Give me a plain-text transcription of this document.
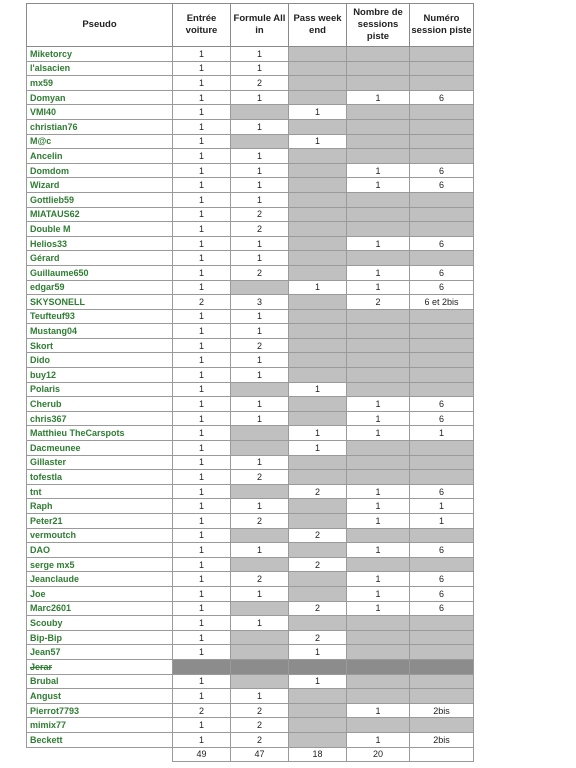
Pseudo	Entrée voiture	Formule All in	Pass week end	Nombre de sessions piste	Numéro session piste
Miketorcy	1	1			
l'alsacien	1	1			
mx59	1	2			
Domyan	1	1		1	6
VMI40	1		1		
christian76	1	1			
M@c	1		1		
Ancelin	1	1			
Domdom	1	1		1	6
Wizard	1	1		1	6
Gottlieb59	1	1			
MIATAUS62	1	2			
Double M	1	2			
Helios33	1	1		1	6
Gérard	1	1			
Guillaume650	1	2		1	6
edgar59	1		1	1	6
SKYSONELL	2	3		2	6 et 2bis
Teufteuf93	1	1			
Mustang04	1	1			
Skort	1	2			
Dido	1	1			
buy12	1	1			
Polaris	1		1		
Cherub	1	1		1	6
chris367	1	1		1	6
Matthieu TheCarspots	1		1	1	1
Dacmeunee	1		1		
Gillaster	1	1			
tofestla	1	2			
tnt	1		2	1	6
Raph	1	1		1	1
Peter21	1	2		1	1
vermoutch	1		2		
DAO	1	1		1	6
serge mx5	1		2		
Jeanclaude	1	2		1	6
Joe	1	1		1	6
Marc2601	1		2	1	6
Scouby	1	1			
Bip-Bip	1		2		
Jean57	1		1		
Jerar					
Brubal	1		1		
Angust	1	1			
Pierrot7793	2	2		1	2bis
mimix77	1	2			
Beckett	1	2		1	2bis
	49	47	18	20	
